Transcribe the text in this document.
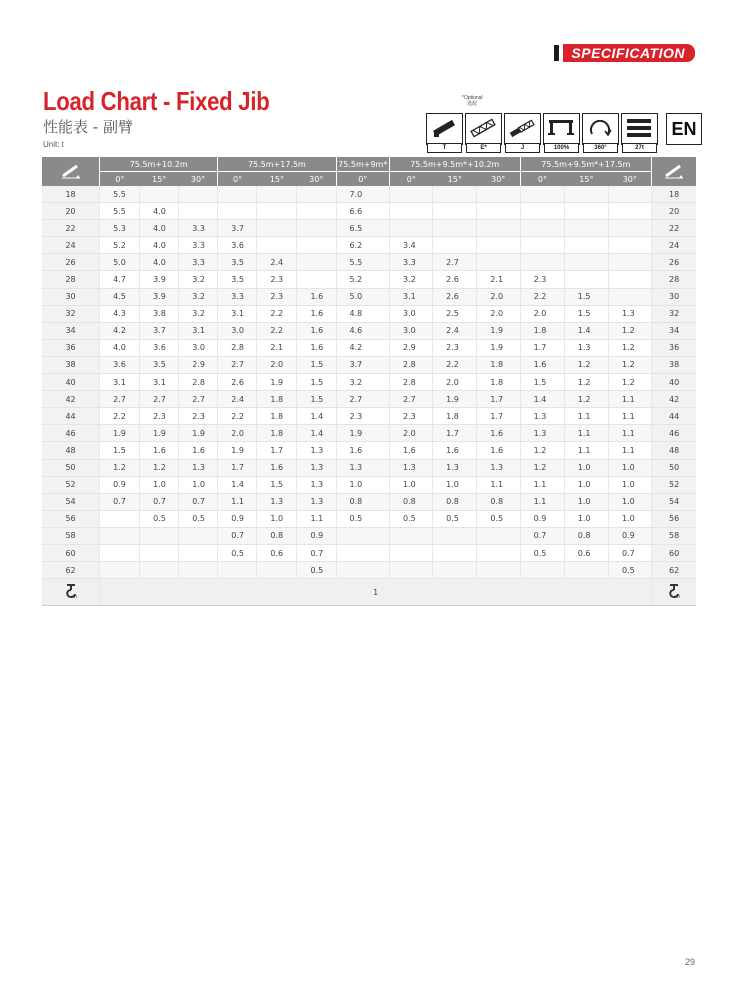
SPECIFICATION
Load Chart - Fixed Jib
性能表 - 副臂
Unit: t
*Optional
选配
T	E*	J	100%	360°	27t
EN
	75.5m+10.2m			75.5m+17.5m			75.5m+9m*	75.5m+9.5m*+10.2m			75.5m+9.5m*+17.5m	
	0°	15°	30°	0°	15°	30°	0°	0°	15°	30°	0°	15°	30°	
18	5.5						7.0							18
20	5.5	4.0					6.6							20
22	5.3	4.0	3.3	3.7			6.5							22
24	5.2	4.0	3.3	3.6			6.2	3.4						24
26	5.0	4.0	3.3	3.5	2.4		5.5	3.3	2.7					26
28	4.7	3.9	3.2	3.5	2.3		5.2	3.2	2.6	2.1	2.3			28
30	4.5	3.9	3.2	3.3	2.3	1.6	5.0	3.1	2.6	2.0	2.2	1.5		30
32	4.3	3.8	3.2	3.1	2.2	1.6	4.8	3.0	2.5	2.0	2.0	1.5	1.3	32
34	4.2	3.7	3.1	3.0	2.2	1.6	4.6	3.0	2.4	1.9	1.8	1.4	1.2	34
36	4.0	3.6	3.0	2.8	2.1	1.6	4.2	2.9	2.3	1.9	1.7	1.3	1.2	36
38	3.6	3.5	2.9	2.7	2.0	1.5	3.7	2.8	2.2	1.8	1.6	1.2	1.2	38
40	3.1	3.1	2.8	2.6	1.9	1.5	3.2	2.8	2.0	1.8	1.5	1.2	1.2	40
42	2.7	2.7	2.7	2.4	1.8	1.5	2.7	2.7	1.9	1.7	1.4	1.2	1.1	42
44	2.2	2.3	2.3	2.2	1.8	1.4	2.3	2.3	1.8	1.7	1.3	1.1	1.1	44
46	1.9	1.9	1.9	2.0	1.8	1.4	1.9	2.0	1.7	1.6	1.3	1.1	1.1	46
48	1.5	1.6	1.6	1.9	1.7	1.3	1.6	1.6	1.6	1.6	1.2	1.1	1.1	48
50	1.2	1.2	1.3	1.7	1.6	1.3	1.3	1.3	1.3	1.3	1.2	1.0	1.0	50
52	0.9	1.0	1.0	1.4	1.5	1.3	1.0	1.0	1.0	1.1	1.1	1.0	1.0	52
54	0.7	0.7	0.7	1.1	1.3	1.3	0.8	0.8	0.8	0.8	1.1	1.0	1.0	54
56		0.5	0.5	0.9	1.0	1.1	0.5	0.5	0.5	0.5	0.9	1.0	1.0	56
58				0.7	0.8	0.9					0.7	0.8	0.9	58
60				0.5	0.6	0.7					0.5	0.6	0.7	60
62						0.5							0.5	62

n	1													n
29
